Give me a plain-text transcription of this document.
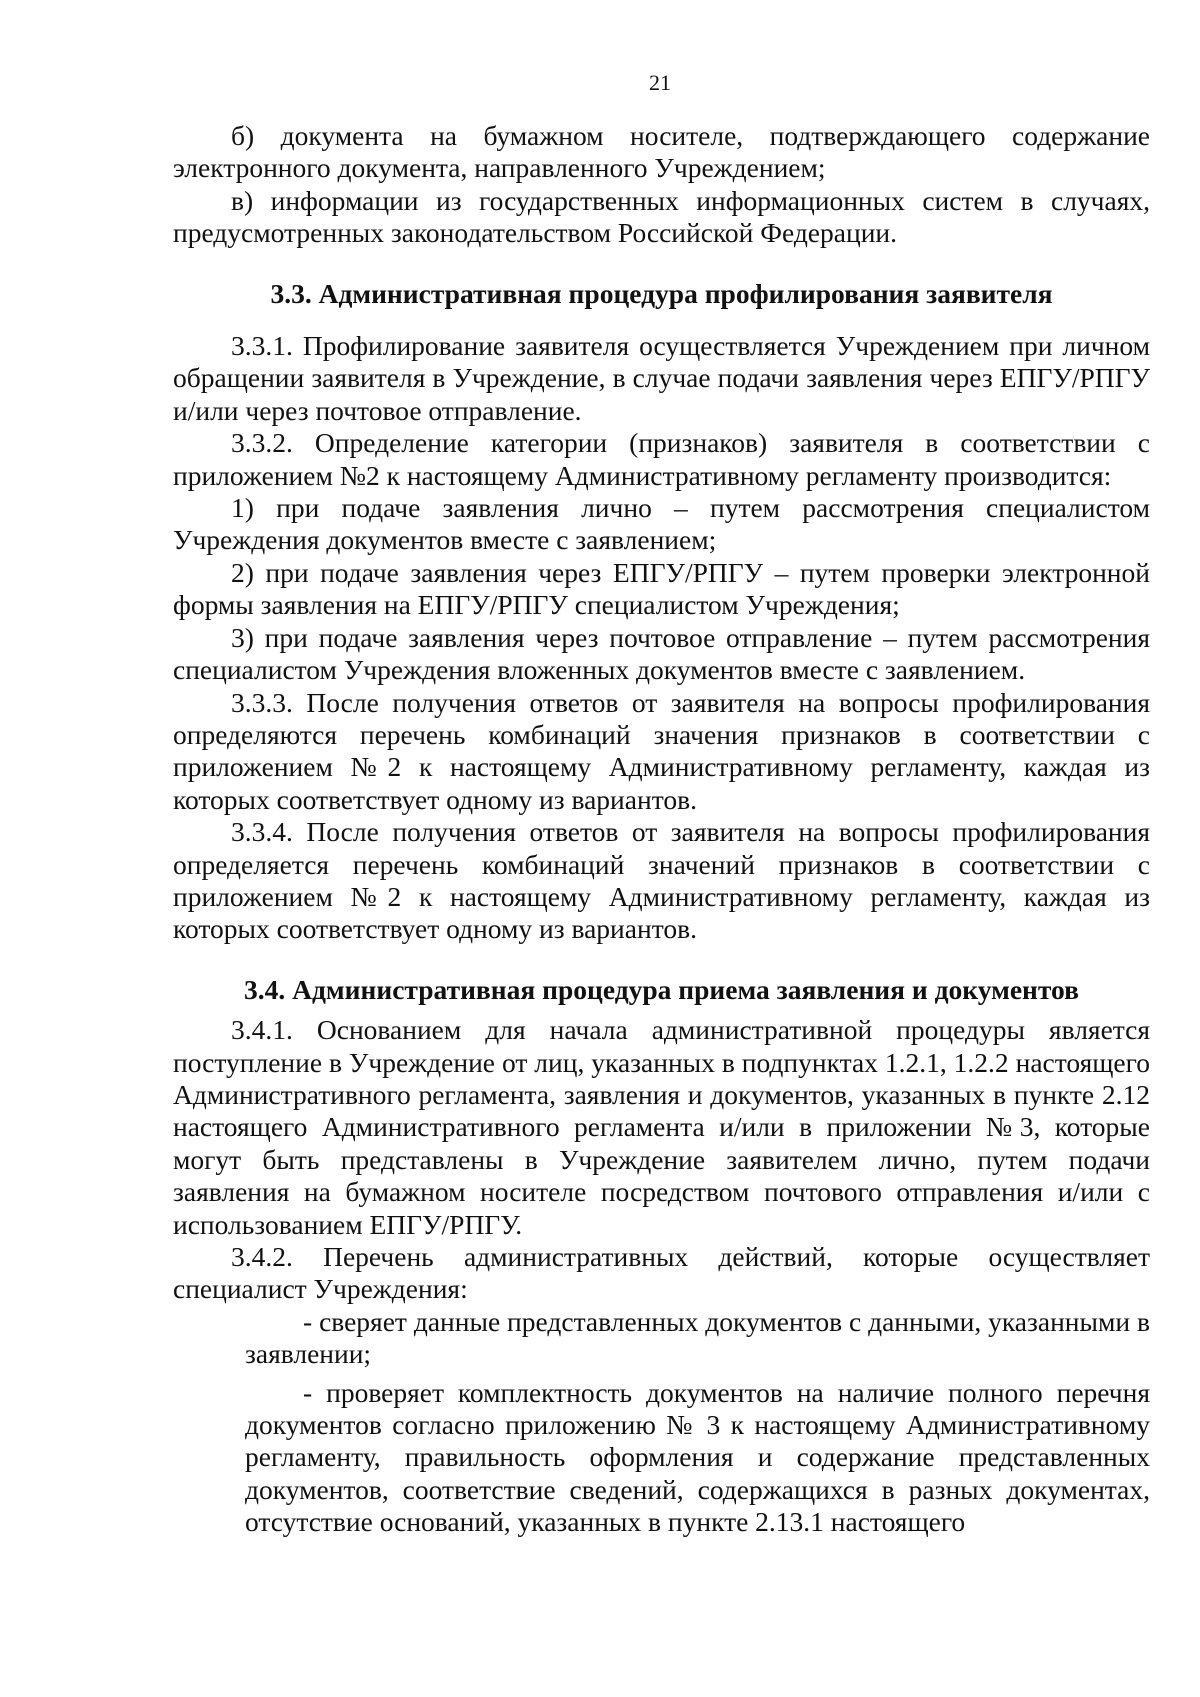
21

б) документа на бумажном носителе, подтверждающего содержание электронного документа, направленного Учреждением;

в) информации из государственных информационных систем в случаях, предусмотренных законодательством Российской Федерации.

3.3. Административная процедура профилирования заявителя

3.3.1. Профилирование заявителя осуществляется Учреждением при личном обращении заявителя в Учреждение, в случае подачи заявления через ЕПГУ/РПГУ и/или через почтовое отправление.

3.3.2. Определение категории (признаков) заявителя в соответствии с приложением №2 к настоящему Административному регламенту производится:

1) при подаче заявления лично – путем рассмотрения специалистом Учреждения документов вместе с заявлением;

2) при подаче заявления через ЕПГУ/РПГУ – путем проверки электронной формы заявления на ЕПГУ/РПГУ специалистом Учреждения;

3) при подаче заявления через почтовое отправление – путем рассмотрения специалистом Учреждения вложенных документов вместе с заявлением.

3.3.3. После получения ответов от заявителя на вопросы профилирования определяются перечень комбинаций значения признаков в соответствии с приложением №2 к настоящему Административному регламенту, каждая из которых соответствует одному из вариантов.

3.3.4. После получения ответов от заявителя на вопросы профилирования определяется перечень комбинаций значений признаков в соответствии с приложением №2 к настоящему Административному регламенту, каждая из которых соответствует одному из вариантов.

3.4. Административная процедура приема заявления и документов

3.4.1. Основанием для начала административной процедуры является поступление в Учреждение от лиц, указанных в подпунктах 1.2.1, 1.2.2 настоящего Административного регламента, заявления и документов, указанных в пункте 2.12 настоящего Административного регламента и/или в приложении №3, которые могут быть представлены в Учреждение заявителем лично, путем подачи заявления на бумажном носителе посредством почтового отправления и/или с использованием ЕПГУ/РПГУ.

3.4.2. Перечень административных действий, которые осуществляет специалист Учреждения:

- сверяет данные представленных документов с данными, указанными в заявлении;

- проверяет комплектность документов на наличие полного перечня документов согласно приложению № 3 к настоящему Административному регламенту, правильность оформления и содержание представленных документов, соответствие сведений, содержащихся в разных документах, отсутствие оснований, указанных в пункте 2.13.1 настоящего
